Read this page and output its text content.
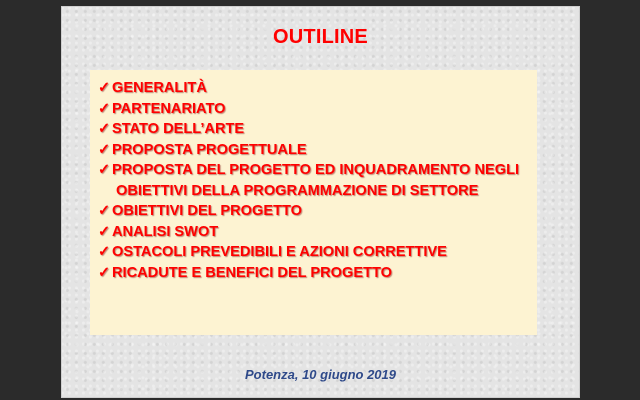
OUTILINE
✓ GENERALITÀ
✓ PARTENARIATO
✓ STATO DELL’ARTE
✓ PROPOSTA PROGETTUALE
✓ PROPOSTA DEL PROGETTO ED INQUADRAMENTO NEGLI
OBIETTIVI DELLA PROGRAMMAZIONE DI SETTORE
✓ OBIETTIVI DEL PROGETTO
✓ ANALISI SWOT
✓ OSTACOLI PREVEDIBILI E AZIONI CORRETTIVE
✓ RICADUTE E BENEFICI DEL PROGETTO
Potenza, 10 giugno 2019
